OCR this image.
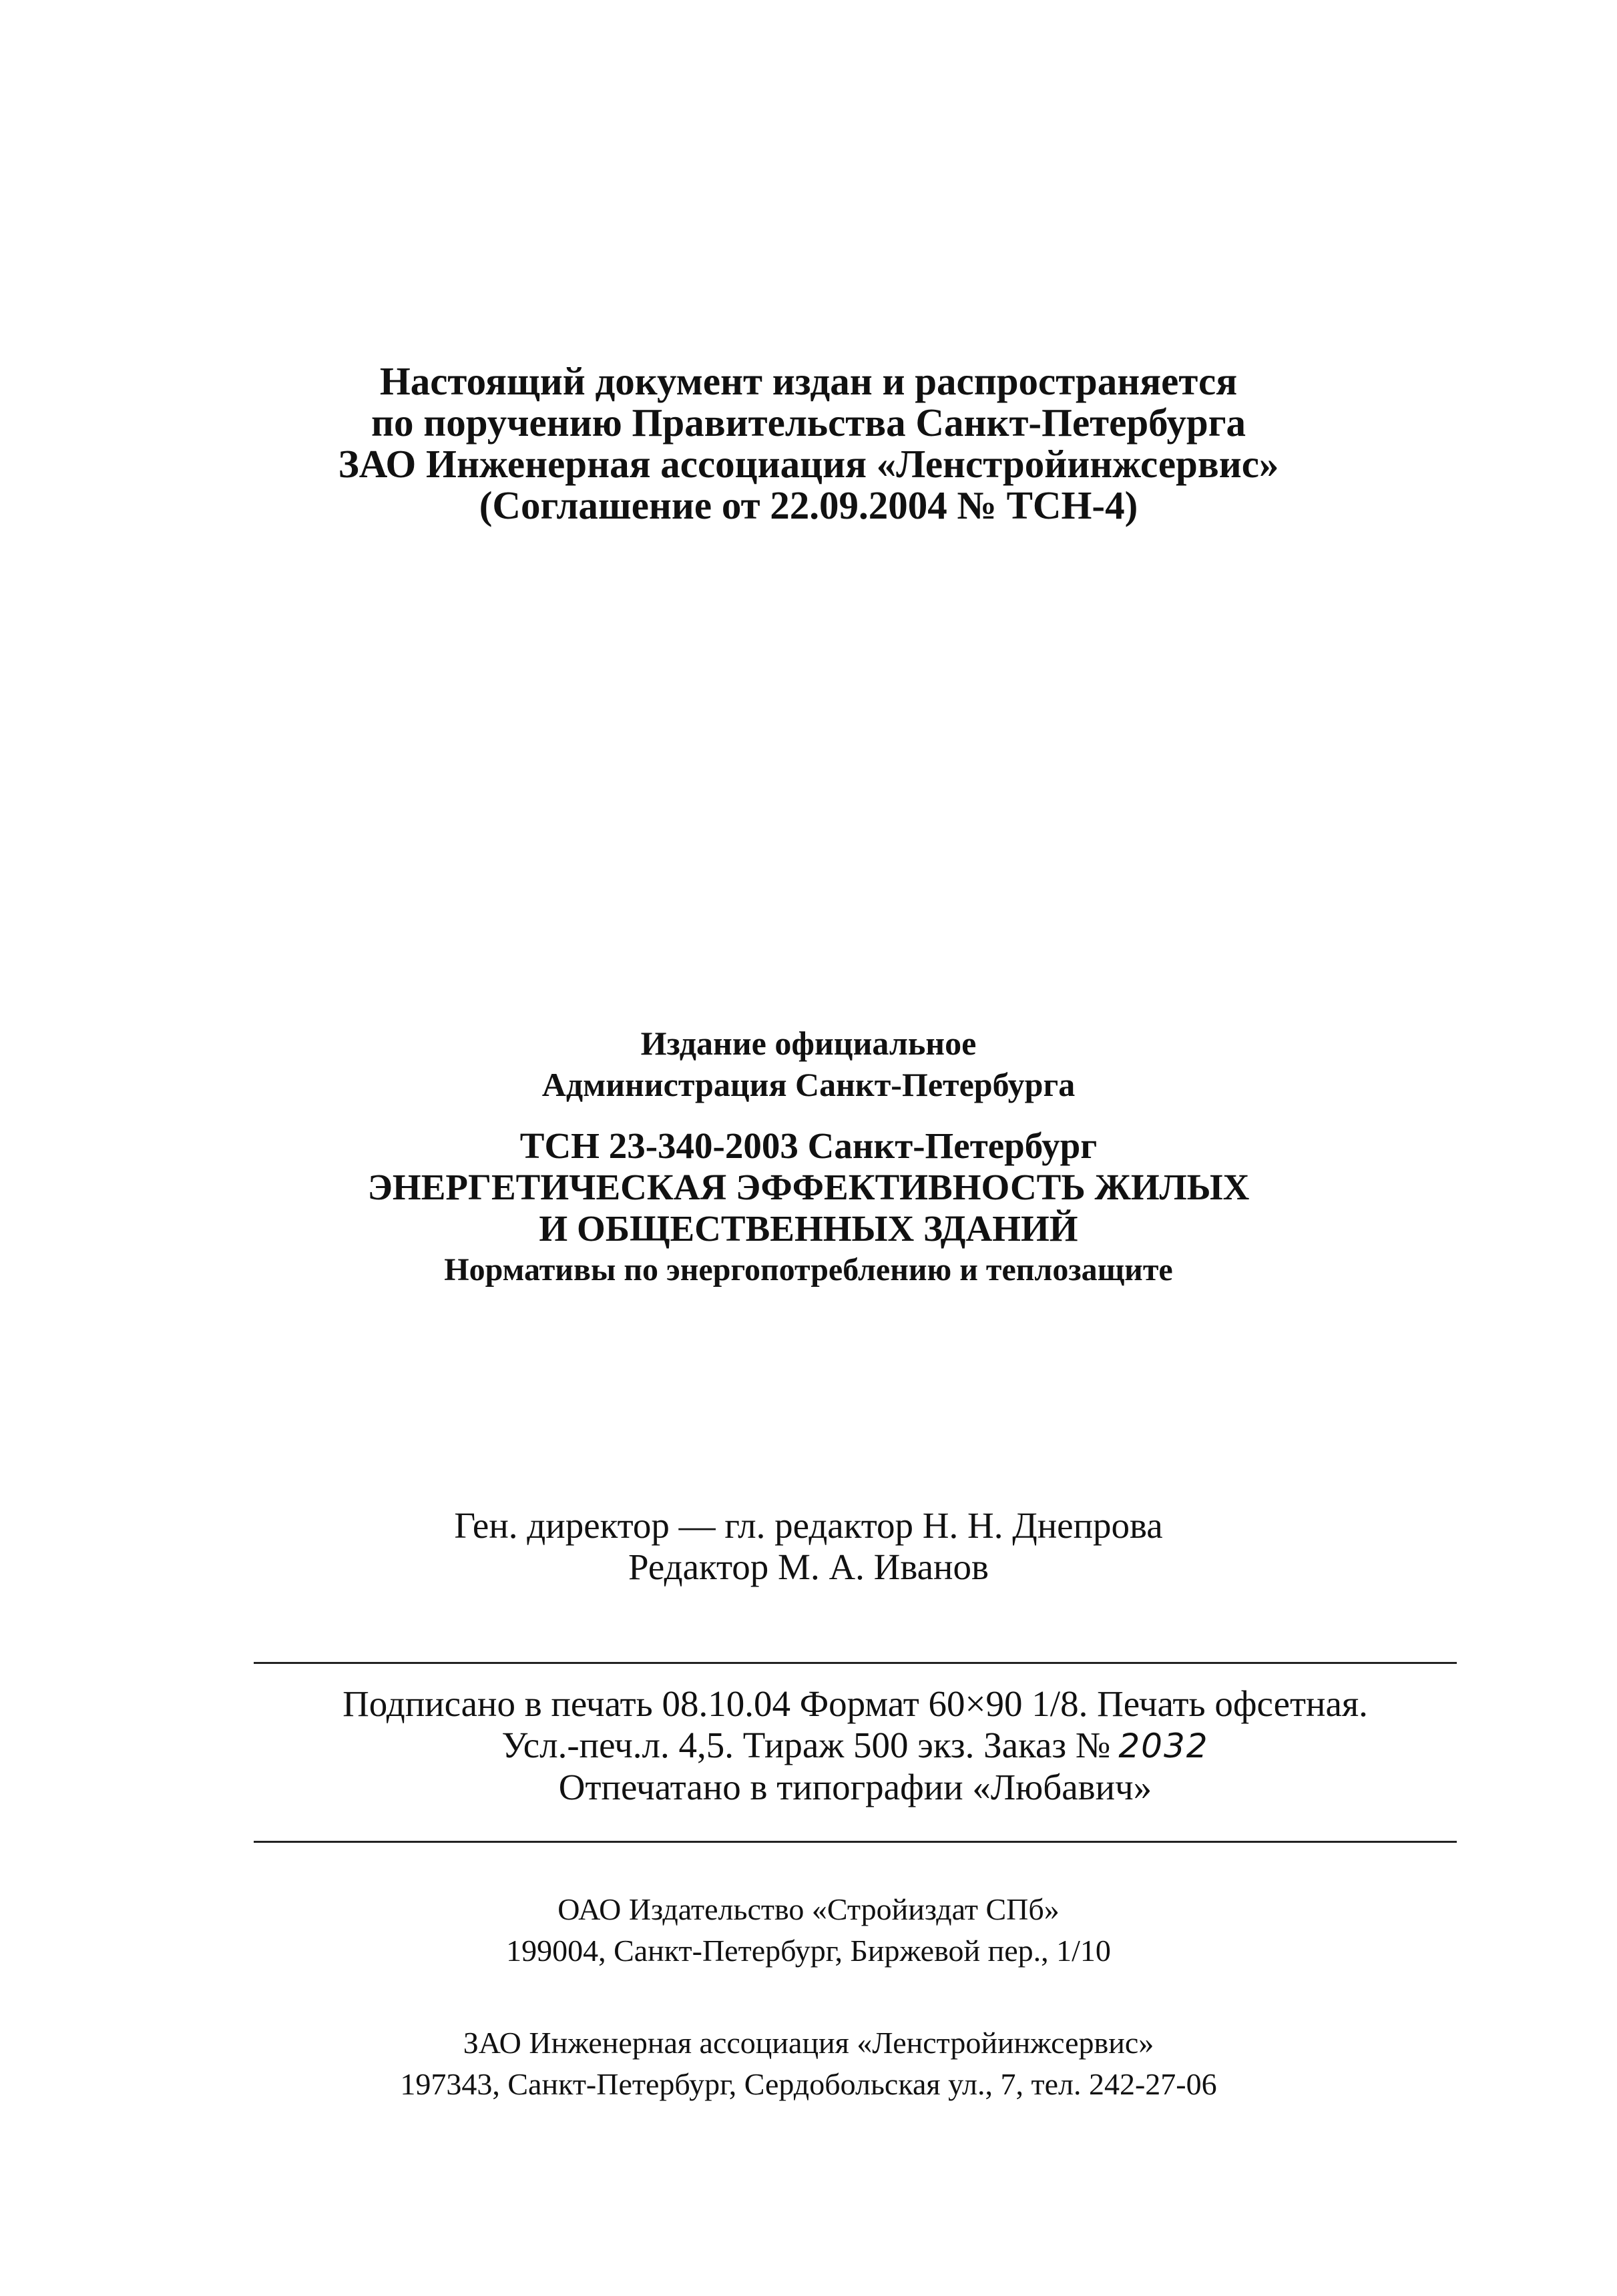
Настоящий документ издан и распространяется
по поручению Правительства Санкт-Петербурга
ЗАО Инженерная ассоциация «Ленстройинжсервис»
(Соглашение от 22.09.2004 № ТСН-4)
Издание официальное
Администрация Санкт-Петербурга
ТСН 23-340-2003 Санкт-Петербург
ЭНЕРГЕТИЧЕСКАЯ ЭФФЕКТИВНОСТЬ ЖИЛЫХ
И ОБЩЕСТВЕННЫХ ЗДАНИЙ
Нормативы по энергопотреблению и теплозащите
Ген. директор — гл. редактор Н. Н. Днепрова
Редактор М. А. Иванов
Подписано в печать 08.10.04 Формат 60×90 1/8. Печать офсетная.
Усл.-печ.л. 4,5. Тираж 500 экз. Заказ № 2032
Отпечатано в типографии «Любавич»
ОАО Издательство «Стройиздат СПб»
199004, Санкт-Петербург, Биржевой пер., 1/10
ЗАО Инженерная ассоциация «Ленстройинжсервис»
197343, Санкт-Петербург, Сердобольская ул., 7, тел. 242-27-06
